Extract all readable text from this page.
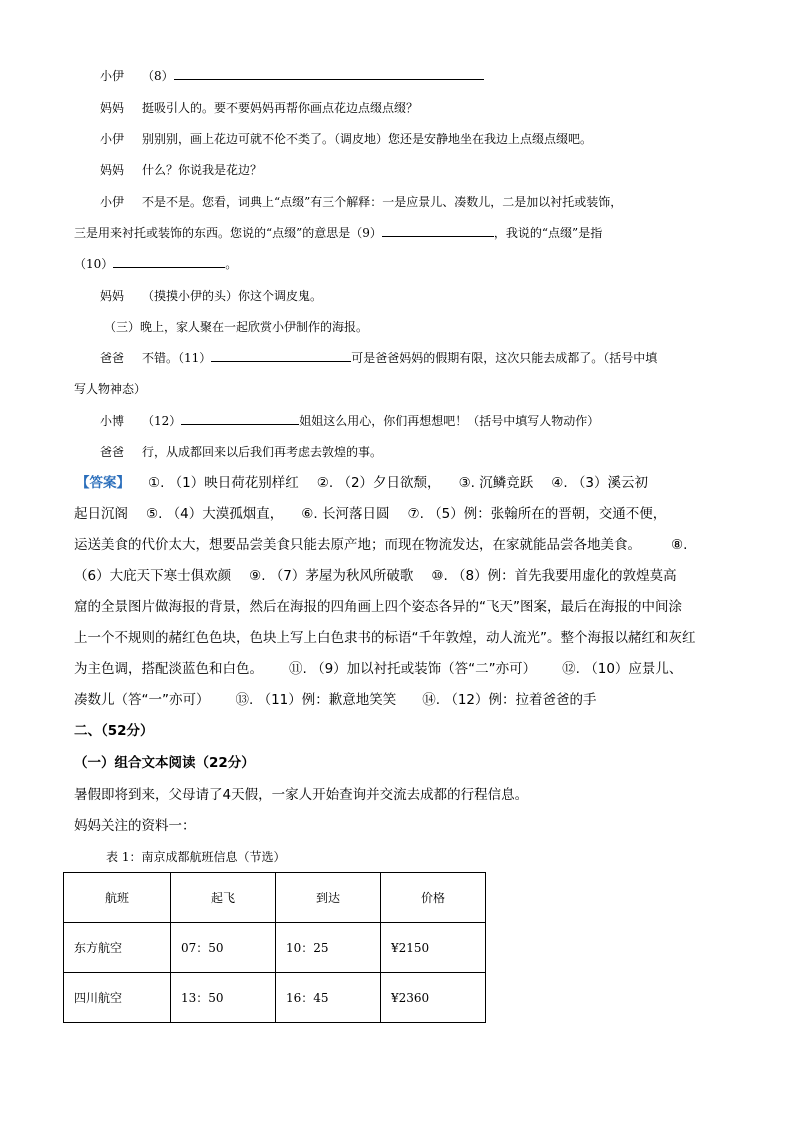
小伊 （8）
妈妈 挺吸引人的。要不要妈妈再帮你画点花边点缀点缀？
小伊 别别别，画上花边可就不伦不类了。（调皮地）您还是安静地坐在我边上点缀点缀吧。
妈妈 什么？你说我是花边？
小伊 不是不是。您看，词典上“点缀”有三个解释：一是应景儿、凑数儿，二是加以衬托或装饰，
三是用来衬托或装饰的东西。您说的“点缀”的意思是（9）	，我说的“点缀”是指
（10）	。
妈妈 （摸摸小伊的头）你这个调皮鬼。
（三）晚上，家人聚在一起欣赏小伊制作的海报。
爸爸 不错。（11）	可是爸爸妈妈的假期有限，这次只能去成都了。（括号中填
写人物神态）
小博 （12）	姐姐这么用心，你们再想想吧！（括号中填写人物动作）
爸爸 行，从成都回来以后我们再考虑去敦煌的事。
【答案】 ①. （1）映日荷花别样红 ②. （2）夕日欲颓， ③. 沉鳞竞跃 ④. （3）溪云初
起日沉阁 ⑤. （4）大漠孤烟直， ⑥. 长河落日圆 ⑦. （5）例：张翰所在的晋朝，交通不便，
运送美食的代价太大，想要品尝美食只能去原产地；而现在物流发达，在家就能品尝各地美食。 ⑧.
（6）大庇天下寒士俱欢颜 ⑨. （7）茅屋为秋风所破歌 ⑩. （8）例：首先我要用虚化的敦煌莫高
窟的全景图片做海报的背景，然后在海报的四角画上四个姿态各异的“飞天”图案，最后在海报的中间涂
上一个不规则的赭红色色块，色块上写上白色隶书的标语“千年敦煌，动人流光”。整个海报以赭红和灰红
为主色调，搭配淡蓝色和白色。 ⑪. （9）加以衬托或装饰（答“二”亦可） ⑫. （10）应景儿、
凑数儿（答“一”亦可） ⑬. （11）例：歉意地笑笑 ⑭. （12）例：拉着爸爸的手
二、（52分）
（一）组合文本阅读（22分）
暑假即将到来，父母请了4天假，一家人开始查询并交流去成都的行程信息。
妈妈关注的资料一：
表 1：南京成都航班信息（节选）
航班	起飞	到达	价格
东方航空	07：50	10：25	¥2150
四川航空	13：50	16：45	¥2360
